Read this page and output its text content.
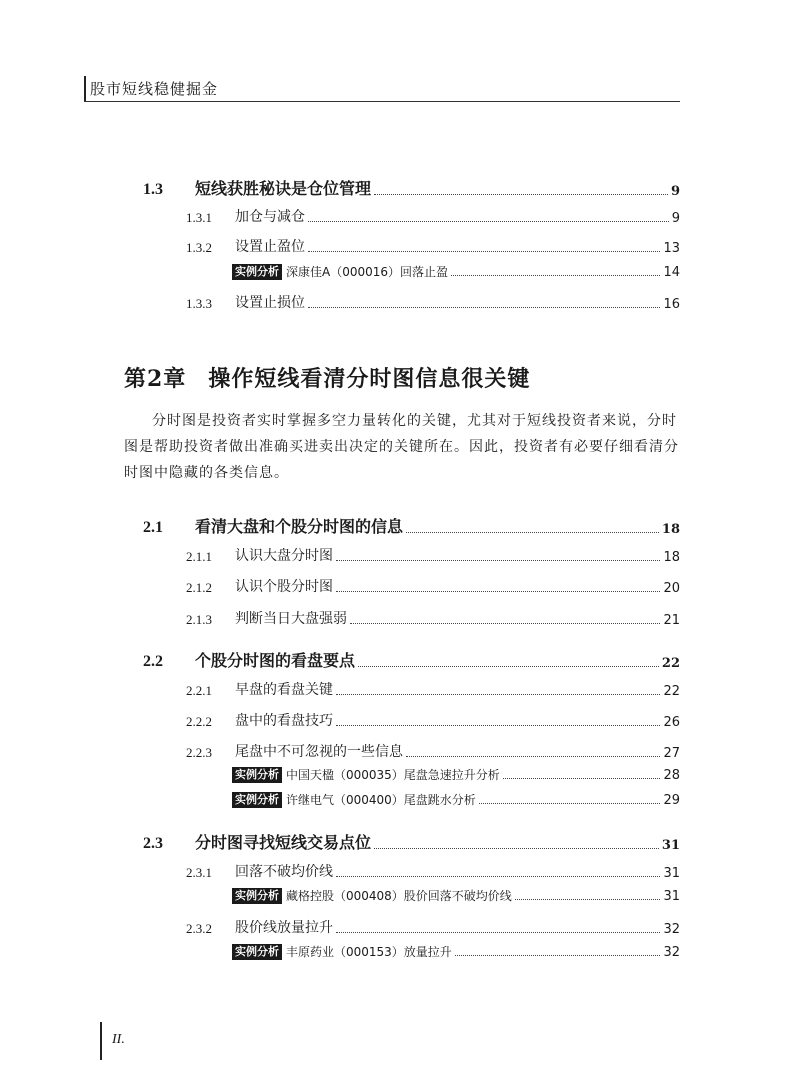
股市短线稳健掘金
1.3	短线获胜秘诀是仓位管理	9
1.3.1	加仓与减仓	9
1.3.2	设置止盈位	13
实例分析 深康佳A（000016）回落止盈	14
1.3.3	设置止损位	16
第2章 操作短线看清分时图信息很关键
分时图是投资者实时掌握多空力量转化的关键，尤其对于短线投资者来说，分时图是帮助投资者做出准确买进卖出决定的关键所在。因此，投资者有必要仔细看清分时图中隐藏的各类信息。
2.1	看清大盘和个股分时图的信息	18
2.1.1	认识大盘分时图	18
2.1.2	认识个股分时图	20
2.1.3	判断当日大盘强弱	21
2.2	个股分时图的看盘要点	22
2.2.1	早盘的看盘关键	22
2.2.2	盘中的看盘技巧	26
2.2.3	尾盘中不可忽视的一些信息	27
实例分析 中国天楹（000035）尾盘急速拉升分析	28
实例分析 许继电气（000400）尾盘跳水分析	29
2.3	分时图寻找短线交易点位	31
2.3.1	回落不破均价线	31
实例分析 藏格控股（000408）股价回落不破均价线	31
2.3.2	股价线放量拉升	32
实例分析 丰原药业（000153）放量拉升	32
II.
